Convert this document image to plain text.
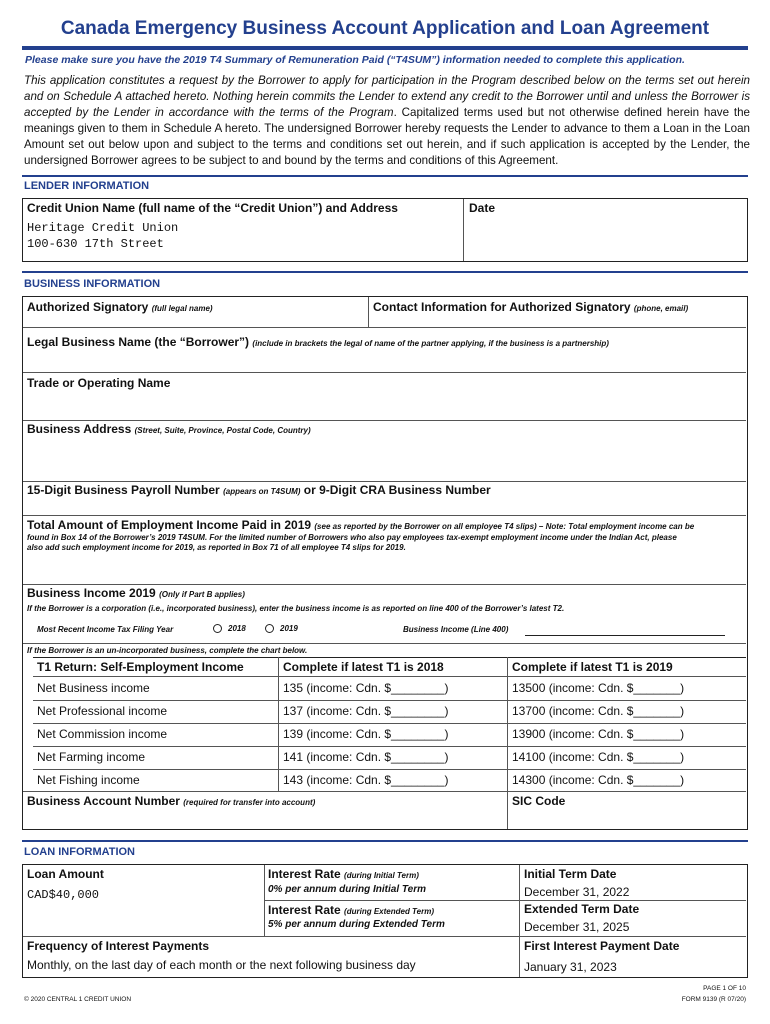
Canada Emergency Business Account Application and Loan Agreement
Please make sure you have the 2019 T4 Summary of Remuneration Paid (“T4SUM”) information needed to complete this application.
This application constitutes a request by the Borrower to apply for participation in the Program described below on the terms set out herein and on Schedule A attached hereto. Nothing herein commits the Lender to extend any credit to the Borrower until and unless the Borrower is accepted by the Lender in accordance with the terms of the Program. Capitalized terms used but not otherwise defined herein have the meanings given to them in Schedule A hereto. The undersigned Borrower hereby requests the Lender to advance to them a Loan in the Loan Amount set out below upon and subject to the terms and conditions set out herein, and if such application is accepted by the Lender, the undersigned Borrower agrees to be subject to and bound by the terms and conditions of this Agreement.
LENDER INFORMATION
Credit Union Name (full name of the “Credit Union”) and Address	Date
Heritage Credit Union
100-630 17th Street
BUSINESS INFORMATION
Authorized Signatory (full legal name)	Contact Information for Authorized Signatory (phone, email)
Legal Business Name (the “Borrower”) (include in brackets the legal of name of the partner applying, if the business is a partnership)
Trade or Operating Name
Business Address (Street, Suite, Province, Postal Code, Country)
15-Digit Business Payroll Number (appears on T4SUM) or 9-Digit CRA Business Number
Total Amount of Employment Income Paid in 2019 (see as reported by the Borrower on all employee T4 slips) – Note: Total employment income can be
found in Box 14 of the Borrower’s 2019 T4SUM. For the limited number of Borrowers who also pay employees tax-exempt employment income under the Indian Act, please
also add such employment income for 2019, as reported in Box 71 of all employee T4 slips for 2019.
Business Income 2019 (Only if Part B applies)
If the Borrower is a corporation (i.e., incorporated business), enter the business income is as reported on line 400 of the Borrower’s latest T2.
Most Recent Income Tax Filing Year	2018	2019	Business Income (Line 400)
If the Borrower is an un-incorporated business, complete the chart below.
T1 Return: Self-Employment Income	Complete if latest T1 is 2018	Complete if latest T1 is 2019
Net Business income	135 (income: Cdn. $________)	13500 (income: Cdn. $_______)
Net Professional income	137 (income: Cdn. $________)	13700 (income: Cdn. $_______)
Net Commission income	139 (income: Cdn. $________)	13900 (income: Cdn. $_______)
Net Farming income	141 (income: Cdn. $________)	14100 (income: Cdn. $_______)
Net Fishing income	143 (income: Cdn. $________)	14300 (income: Cdn. $_______)
Business Account Number (required for transfer into account)	SIC Code
LOAN INFORMATION
Loan Amount
CAD$40,000
Interest Rate (during Initial Term)
0% per annum during Initial Term
Interest Rate (during Extended Term)
5% per annum during Extended Term
Initial Term Date
December 31, 2022
Extended Term Date
December 31, 2025
Frequency of Interest Payments
Monthly, on the last day of each month or the next following business day
First Interest Payment Date
January 31, 2023
© 2020 CENTRAL 1 CREDIT UNION
PAGE 1 OF 10
FORM 9139 (R 07/20)
